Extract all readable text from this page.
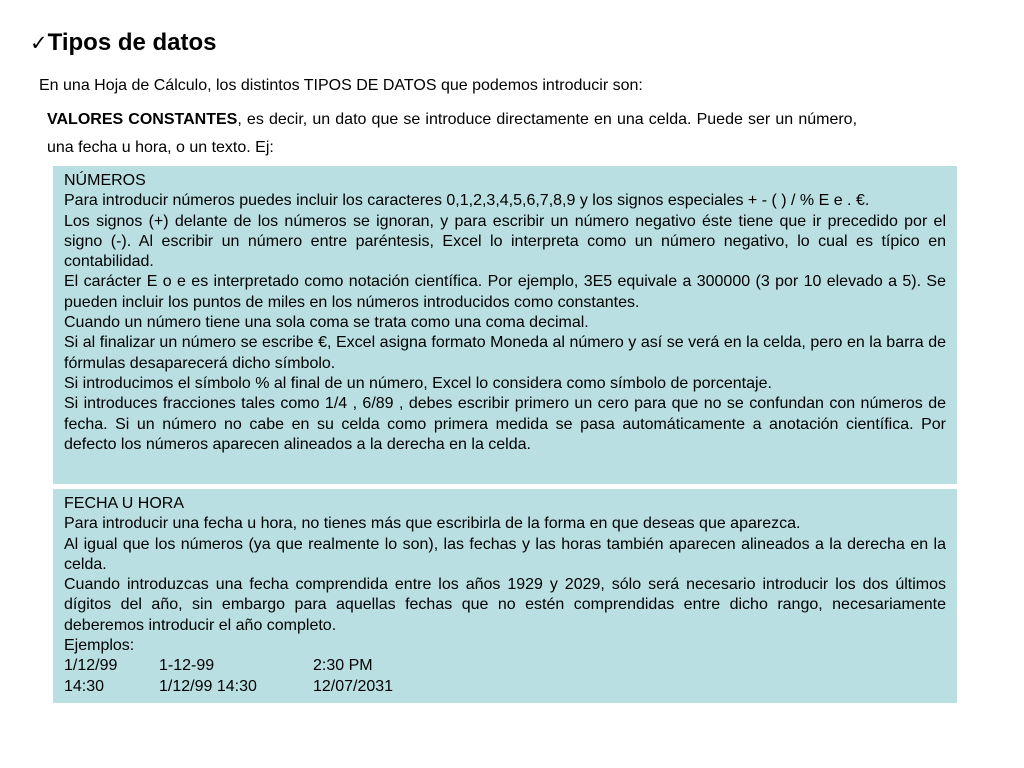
✓Tipos de datos
En una Hoja de Cálculo, los distintos TIPOS DE DATOS que podemos introducir son:
VALORES CONSTANTES, es decir, un dato que se introduce directamente en una celda. Puede ser un número, una fecha u hora, o un texto. Ej:

NÚMEROS

Para introducir números puedes incluir los caracteres 0,1,2,3,4,5,6,7,8,9 y los signos especiales + - ( ) / % E e . €.

Los signos (+) delante de los números se ignoran, y para escribir un número negativo éste tiene que ir precedido por el signo (-). Al escribir un número entre paréntesis, Excel lo interpreta como un número negativo, lo cual es típico en contabilidad.

El carácter E o e es interpretado como notación científica. Por ejemplo, 3E5 equivale a 300000 (3 por 10 elevado a 5). Se pueden incluir los puntos de miles en los números introducidos como constantes.

Cuando un número tiene una sola coma se trata como una coma decimal.

Si al finalizar un número se escribe €, Excel asigna formato Moneda al número y así se verá en la celda, pero en la barra de fórmulas desaparecerá dicho símbolo.

Si introducimos el símbolo % al final de un número, Excel lo considera como símbolo de porcentaje.

Si introduces fracciones tales como 1/4 , 6/89 , debes escribir primero un cero para que no se confundan con números de fecha. Si un número no cabe en su celda como primera medida se pasa automáticamente a anotación científica. Por defecto los números aparecen alineados a la derecha en la celda.

FECHA U HORA

Para introducir una fecha u hora, no tienes más que escribirla de la forma en que deseas que aparezca.

Al igual que los números (ya que realmente lo son), las fechas y las horas también aparecen alineados a la derecha en la celda.

Cuando introduzcas una fecha comprendida entre los años 1929 y 2029, sólo será necesario introducir los dos últimos dígitos del año, sin embargo para aquellas fechas que no estén comprendidas entre dicho rango, necesariamente deberemos introducir el año completo.

Ejemplos:

1/12/99	1-12-99	2:30 PM
14:30	1/12/99 14:30	12/07/2031
